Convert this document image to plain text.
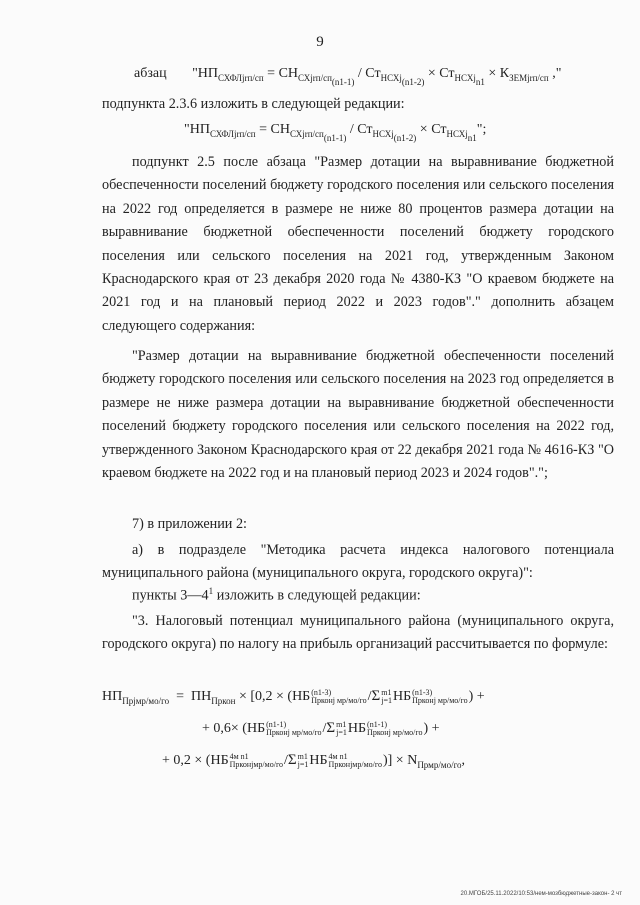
9
абзац "$НП_{СХФЛjrп/сп} = СН_{СХjrп/сп_{(n1-1)}} / Ст_{НСХj_{(n1-2)}} \times Ст_{НСХj_{n1}} \times К_{ЗЕМjrп/сп}$ ,"

подпункта 2.3.6 изложить в следующей редакции:

"$НП_{СХФЛjrп/сп} = СН_{СХjrп/сп_{(n1-1)}} / Ст_{НСХj_{(n1-2)}} \times Ст_{НСХj_{n1}}$";

подпункт 2.5 после абзаца "Размер дотации на выравнивание бюджетной обеспеченности поселений бюджету городского поселения или сельского поселения на 2022 год определяется в размере не ниже 80 процентов размера дотации на выравнивание бюджетной обеспеченности поселений бюджету городского поселения или сельского поселения на 2021 год, утвержденным Законом Краснодарского края от 23 декабря 2020 года № 4380-КЗ "О краевом бюджете на 2021 год и на плановый период 2022 и 2023 годов"." дополнить абзацем следующего содержания:

"Размер дотации на выравнивание бюджетной обеспеченности поселений бюджету городского поселения или сельского поселения на 2023 год определяется в размере не ниже размера дотации на выравнивание бюджетной обеспеченности поселений бюджету городского поселения или сельского поселения на 2022 год, утвержденного Законом Краснодарского края от 22 декабря 2021 года № 4616-КЗ "О краевом бюджете на 2022 год и на плановый период 2023 и 2024 годов".";

7) в приложении 2:

а) в подразделе "Методика расчета индекса налогового потенциала муниципального района (муниципального округа, городского округа)":

пункты $3—4^1$ изложить в следующей редакции:

"3. Налоговый потенциал муниципального района (муниципального округа, городского округа) по налогу на прибыль организаций рассчитывается по формуле:

$НП_{Прjмр/мо/го} = ПН_{Пркон} \times [0,2 \times (НБ$ (n1-3)
Прконj мр/мо/го /Σ m1
j=1 НБ (n1-3)
Прконj мр/мо/го ) +
+ 0,6× (НБ (n1-1)
Прконj мр/мо/го /Σ m1
j=1 НБ (n1-1)
Прконj мр/мо/го ) +
+ 0,2 × (НБ 4м n1
Прконjмр/мо/го /Σ m1
j=1 НБ 4м n1
Прконjмр/мо/го )] × $N_{Прмр/мо/го}$,
20.МГОБ/25.11.2022/10:53/нем-мозбюджетные-закон- 2 чт
